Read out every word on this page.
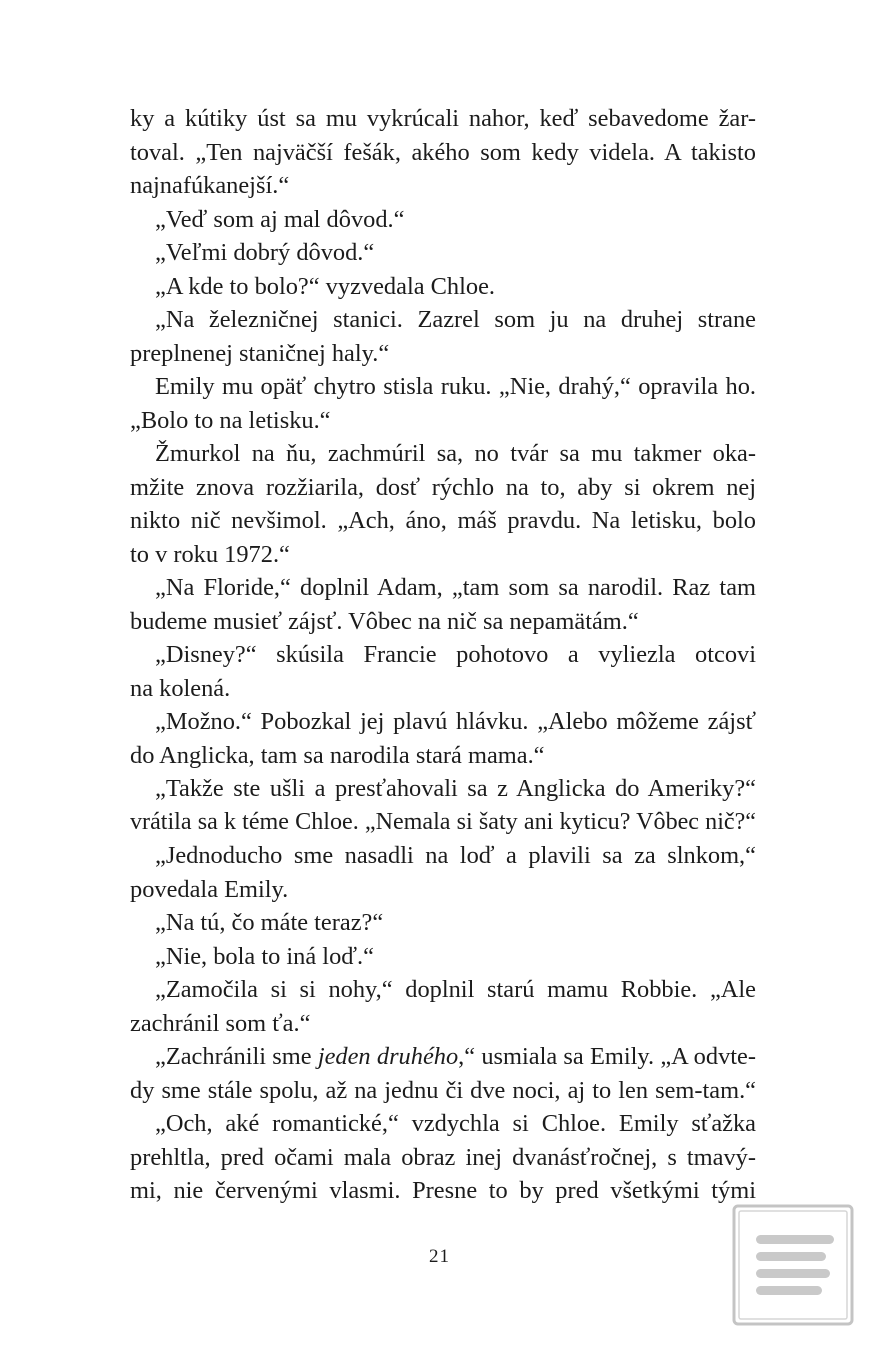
ky a kútiky úst sa mu vykrúcali nahor, keď sebavedome žar-
toval. „Ten najväčší fešák, akého som kedy videla. A takisto
najnafúkanejší.“
„Veď som aj mal dôvod.“
„Veľmi dobrý dôvod.“
„A kde to bolo?“ vyzvedala Chloe.
„Na železničnej stanici. Zazrel som ju na druhej strane
preplnenej staničnej haly.“
Emily mu opäť chytro stisla ruku. „Nie, drahý,“ opravila ho.
„Bolo to na letisku.“
Žmurkol na ňu, zachmúril sa, no tvár sa mu takmer oka-
mžite znova rozžiarila, dosť rýchlo na to, aby si okrem nej
nikto nič nevšimol. „Ach, áno, máš pravdu. Na letisku, bolo
to v roku 1972.“
„Na Floride,“ doplnil Adam, „tam som sa narodil. Raz tam
budeme musieť zájsť. Vôbec na nič sa nepamätám.“
„Disney?“ skúsila Francie pohotovo a vyliezla otcovi
na kolená.
„Možno.“ Pobozkal jej plavú hlávku. „Alebo môžeme zájsť
do Anglicka, tam sa narodila stará mama.“
„Takže ste ušli a presťahovali sa z Anglicka do Ameriky?“
vrátila sa k téme Chloe. „Nemala si šaty ani kyticu? Vôbec nič?“
„Jednoducho sme nasadli na loď a plavili sa za slnkom,“
povedala Emily.
„Na tú, čo máte teraz?“
„Nie, bola to iná loď.“
„Zamočila si si nohy,“ doplnil starú mamu Robbie. „Ale
zachránil som ťa.“
„Zachránili sme jeden druhého,“ usmiala sa Emily. „A odvte-
dy sme stále spolu, až na jednu či dve noci, aj to len sem-tam.“
„Och, aké romantické,“ vzdychla si Chloe. Emily sťažka
prehltla, pred očami mala obraz inej dvanásťročnej, s tmavý-
mi, nie červenými vlasmi. Presne to by pred všetkými tými
21
